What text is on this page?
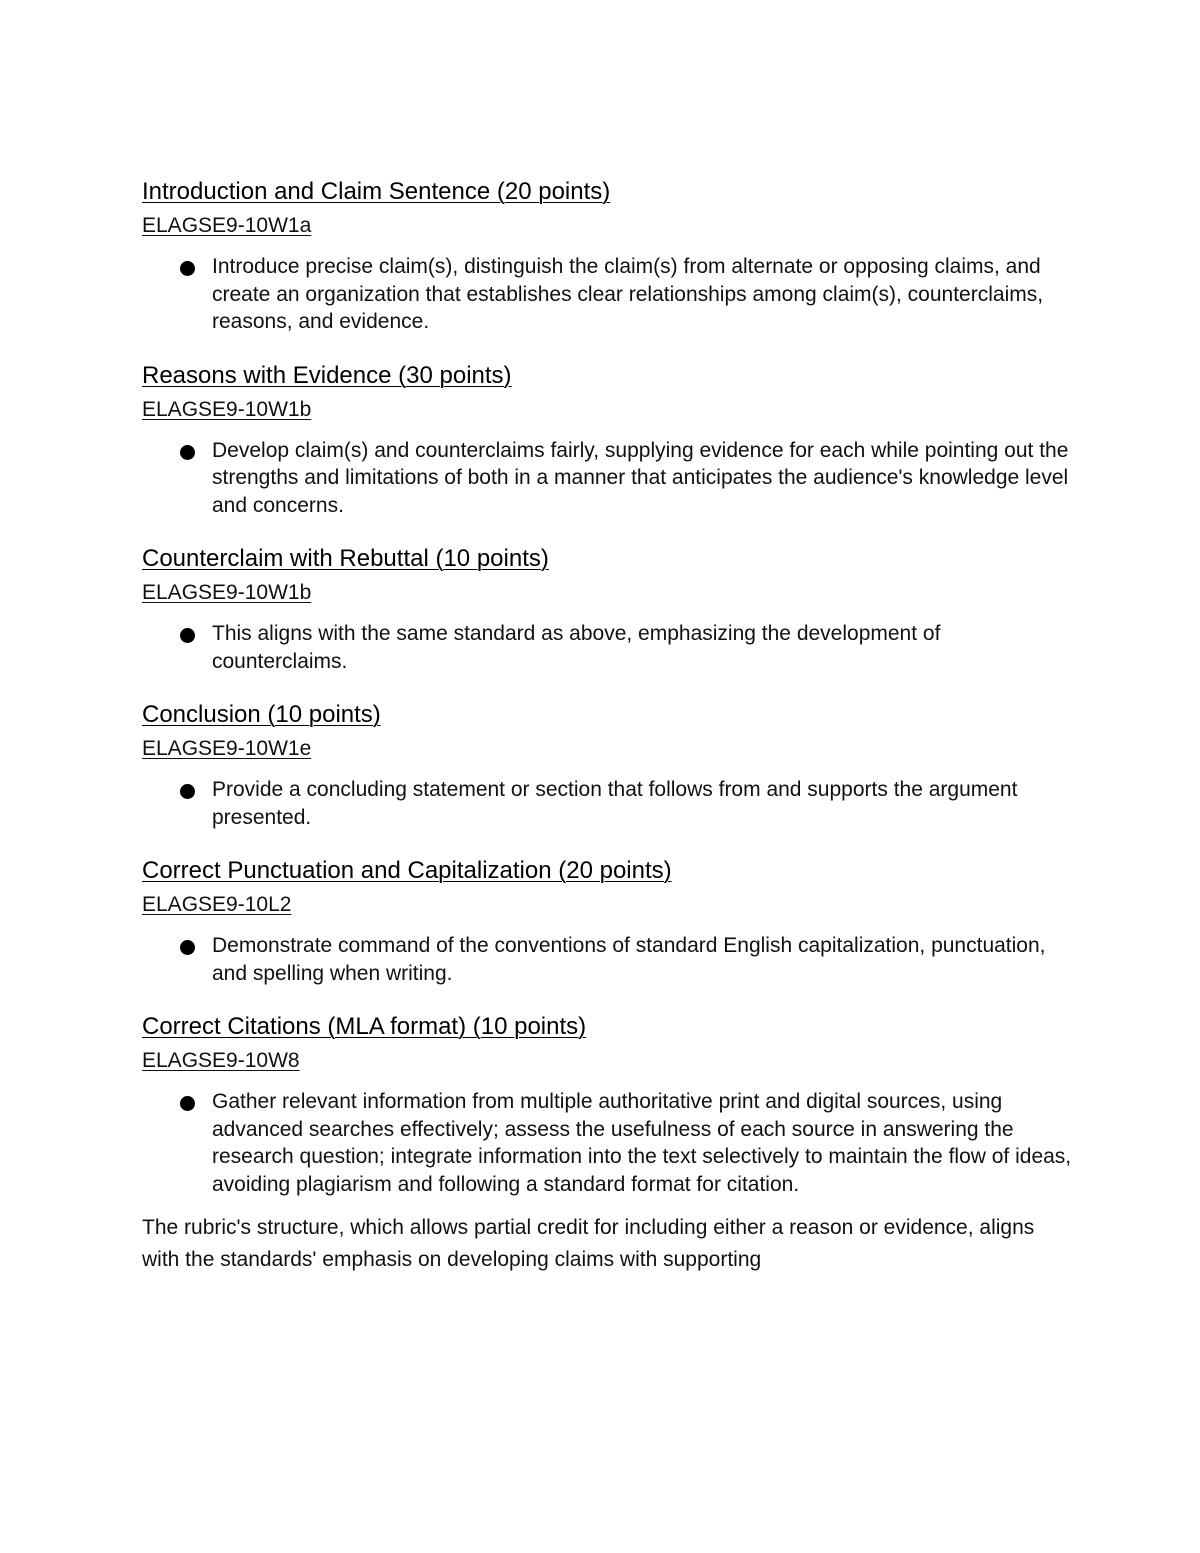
Introduction and Claim Sentence (20 points)
ELAGSE9-10W1a
Introduce precise claim(s), distinguish the claim(s) from alternate or opposing claims, and create an organization that establishes clear relationships among claim(s), counterclaims, reasons, and evidence.
Reasons with Evidence (30 points)
ELAGSE9-10W1b
Develop claim(s) and counterclaims fairly, supplying evidence for each while pointing out the strengths and limitations of both in a manner that anticipates the audience's knowledge level and concerns.
Counterclaim with Rebuttal (10 points)
ELAGSE9-10W1b
This aligns with the same standard as above, emphasizing the development of counterclaims.
Conclusion (10 points)
ELAGSE9-10W1e
Provide a concluding statement or section that follows from and supports the argument presented.
Correct Punctuation and Capitalization (20 points)
ELAGSE9-10L2
Demonstrate command of the conventions of standard English capitalization, punctuation, and spelling when writing.
Correct Citations (MLA format) (10 points)
ELAGSE9-10W8
Gather relevant information from multiple authoritative print and digital sources, using advanced searches effectively; assess the usefulness of each source in answering the research question; integrate information into the text selectively to maintain the flow of ideas, avoiding plagiarism and following a standard format for citation.

The rubric's structure, which allows partial credit for including either a reason or evidence, aligns with the standards' emphasis on developing claims with supporting
